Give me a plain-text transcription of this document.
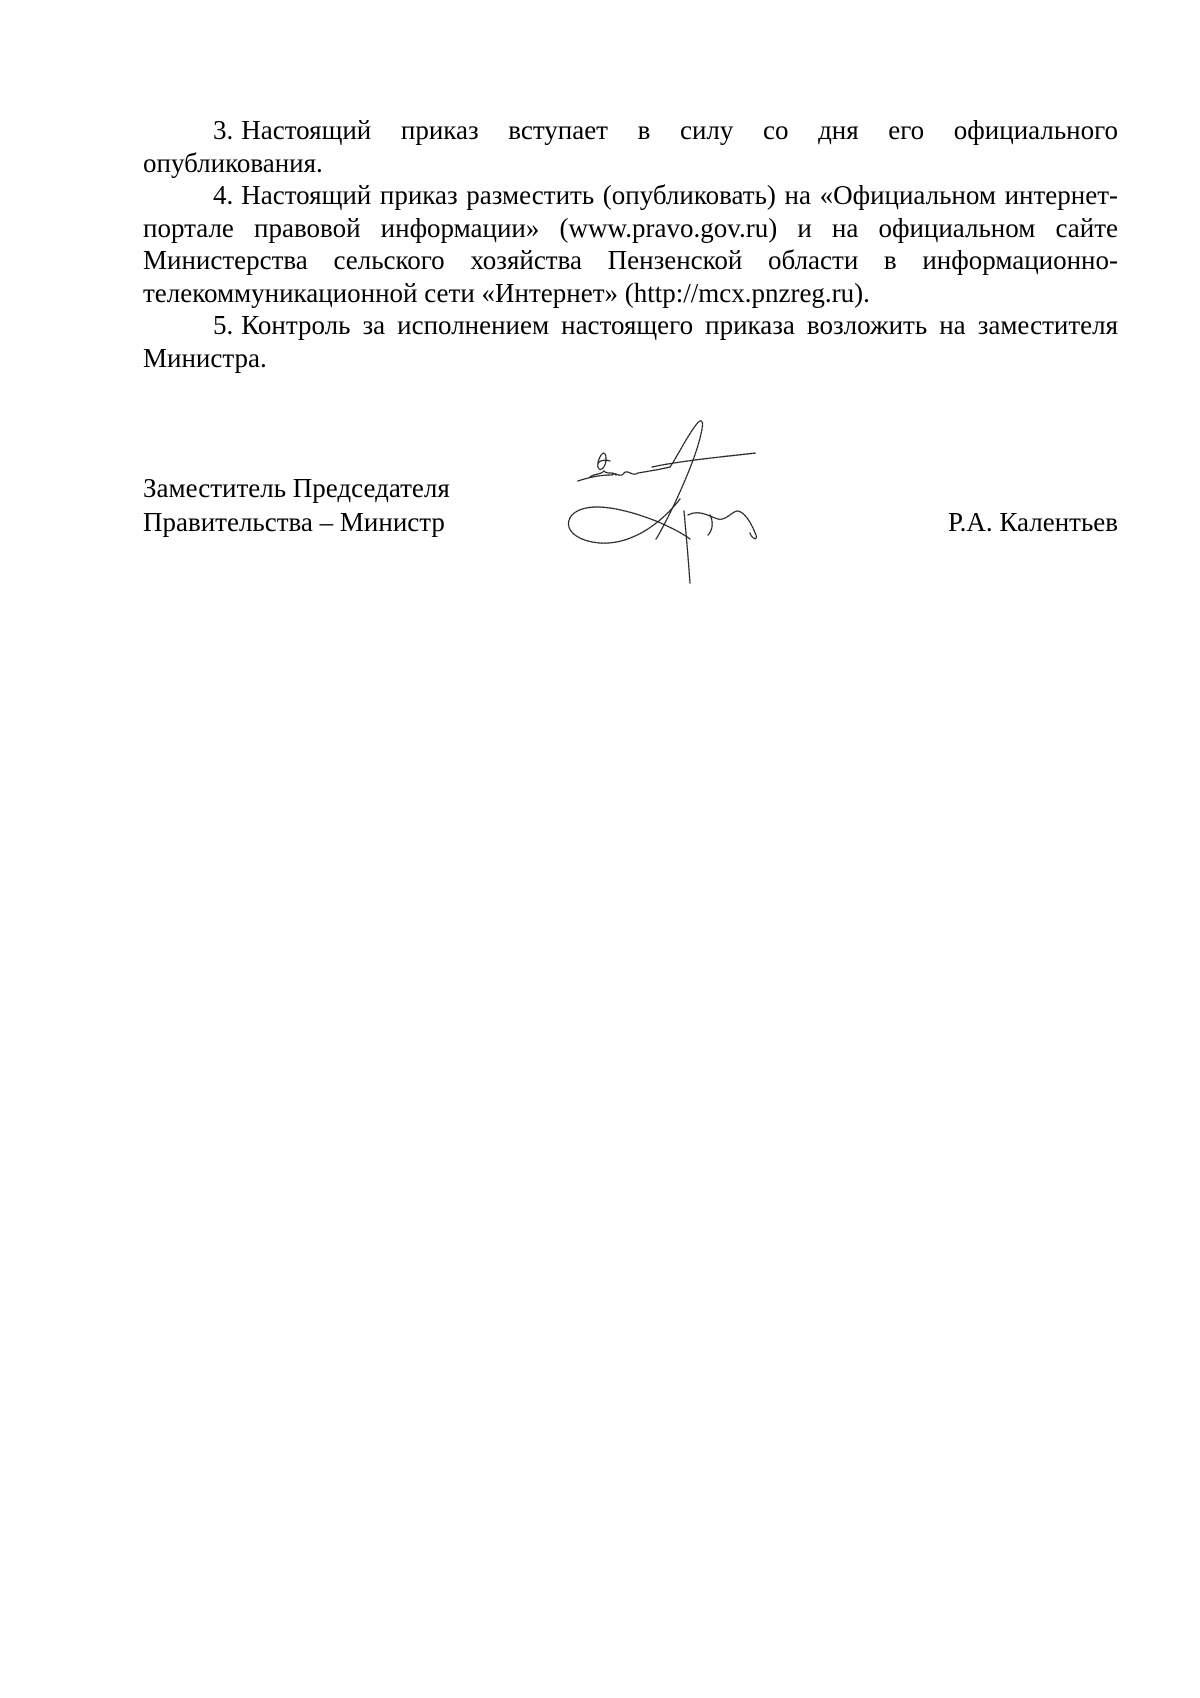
3. Настоящий приказ вступает в силу со дня его официального опубликования.

4. Настоящий приказ разместить (опубликовать) на «Официальном интернет-портале правовой информации» (www.pravo.gov.ru) и на официальном сайте Министерства сельского хозяйства Пензенской области в информационно-телекоммуникационной сети «Интернет» (http://mcx.pnzreg.ru).

5. Контроль за исполнением настоящего приказа возложить на заместителя Министра.

Заместитель Председателя
Правительства – Министр	Р.А. Калентьев
